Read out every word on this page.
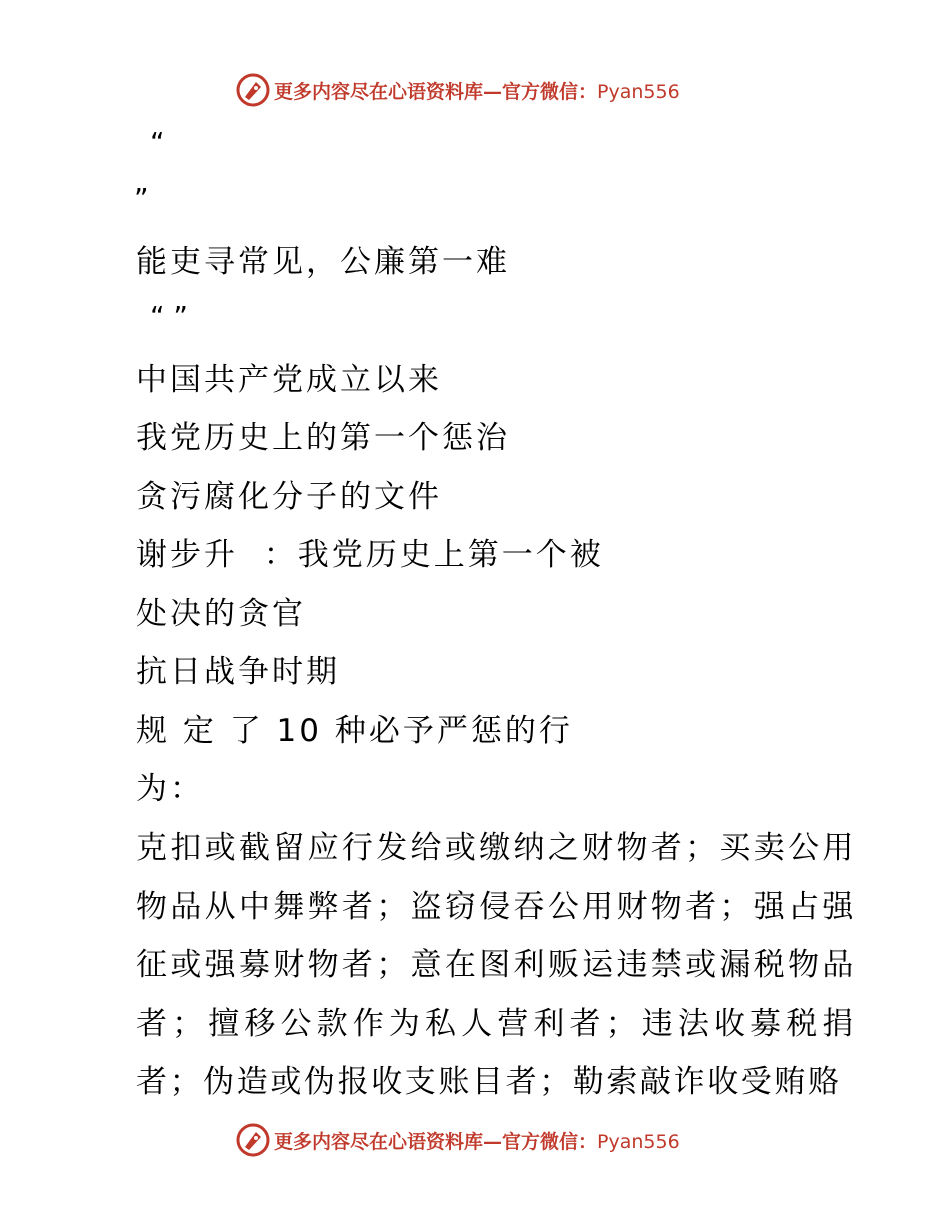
更多内容尽在心语资料库—官方微信：Pyan556
“
”
能吏寻常见，公廉第一难
“ ”
中国共产党成立以来
我党历史上的第一个惩治
贪污腐化分子的文件
谢步升  ：我党历史上第一个被
处决的贪官
抗日战争时期
规 定 了 10 种必予严惩的行
为：
克扣或截留应行发给或缴纳之财物者；买卖公用物品从中舞弊者；盗窃侵吞公用财物者；强占强征或强募财物者；意在图利贩运违禁或漏税物品者；擅移公款作为私人营利者；违法收募税捐者；伪造或伪报收支账目者；勒索敲诈收受贿赂
更多内容尽在心语资料库—官方微信：Pyan556
